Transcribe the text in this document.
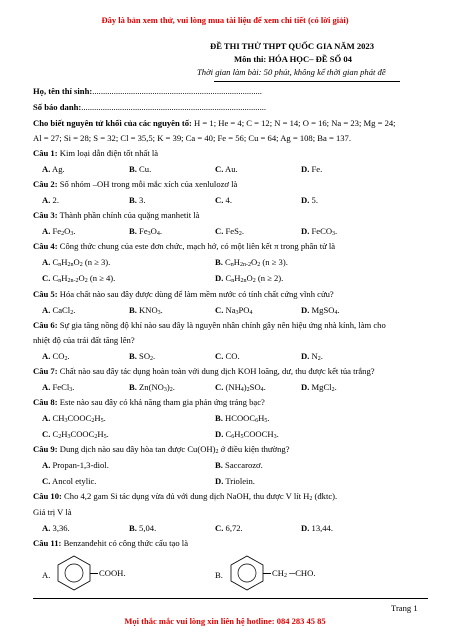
Đây là bản xem thử, vui lòng mua tài liệu để xem chi tiết (có lời giải)
ĐỀ THI THỬ THPT QUỐC GIA NĂM 2023
Môn thi: HÓA HỌC– ĐỀ SỐ 04
Thời gian làm bài: 50 phút, không kể thời gian phát đề
Họ, tên thí sinh:...............................................................................
Số báo danh:......................................................................................
Cho biết nguyên tử khối của các nguyên tố: H = 1; He = 4; C = 12; N = 14; O = 16; Na = 23; Mg = 24;
Al = 27; Si = 28; S = 32; Cl = 35,5; K = 39; Ca = 40; Fe = 56; Cu = 64; Ag = 108; Ba = 137.
Câu 1: Kim loại dẫn điện tốt nhất là
A. Ag.	B. Cu.	C. Au.	D. Fe.
Câu 2: Số nhóm –OH trong mỗi mắc xích của xenlulozơ là
A. 2.	B. 3.	C. 4.	D. 5.
Câu 3: Thành phần chính của quặng manhetit là
A. $Fe_2O_3$.	B. $Fe_3O_4$.	C. FeS$_2$.	D. FeCO$_3$.
Câu 4: Công thức chung của este đơn chức, mạch hở, có một liên kết π trong phân tử là
A. $C_nH_{2n}O_2$ (n ≥ 3).	B. $C_nH_{2n-2}O_2$ (n ≥ 3).
C. $C_nH_{2n-2}O_2$ (n ≥ 4).	D. $C_nH_{2n}O_2$ (n ≥ 2).
Câu 5: Hóa chất nào sau đây được dùng để làm mềm nước có tính chất cứng vĩnh cửu?
A. CaCl$_2$.	B. $KNO_3$.	C. $Na_3PO_4$	D. MgSO$_4$.
Câu 6: Sự gia tăng nồng độ khí nào sau đây là nguyên nhân chính gây nên hiệu ứng nhà kính, làm cho
nhiệt độ của trái đất tăng lên?
A. $CO_2$.	B. $SO_2$.	C. CO.	D. $N_2$.
Câu 7: Chất nào sau đây tác dụng hoàn toàn với dung dịch KOH loãng, dư, thu được kết tủa trắng?
A. FeCl$_3$.	B. $Zn(NO_3)_2$.	C. $(NH_4)_2SO_4$.	D. MgCl$_2$.
Câu 8: Este nào sau đây có khả năng tham gia phản ứng tráng bạc?
A. $CH_3COOC_2H_5$.	B. $HCOOC_6H_5$.
C. $C_2H_3COOC_2H_5$.	D. $C_6H_5COOCH_3$.
Câu 9: Dung dịch nào sau đây hòa tan được $Cu(OH)_2$ ở điều kiện thường?
A. Propan-1,3-diol.	B. Saccarozơ.
C. Ancol etylic.	D. Triolein.
Câu 10: Cho 4,2 gam Si tác dụng vừa đủ với dung dịch NaOH, thu được V lít $H_2$ (đktc).
Giá trị V là
A. 3,36.	B. 5,04.	C. 6,72.	D. 13,44.
Câu 11: Benzanđehit có công thức cấu tạo là
A.	COOH.	B.	$CH_2$ ─CHO.
Trang 1
Mọi thắc mắc vui lòng xin liên hệ hotline: 084 283 45 85
